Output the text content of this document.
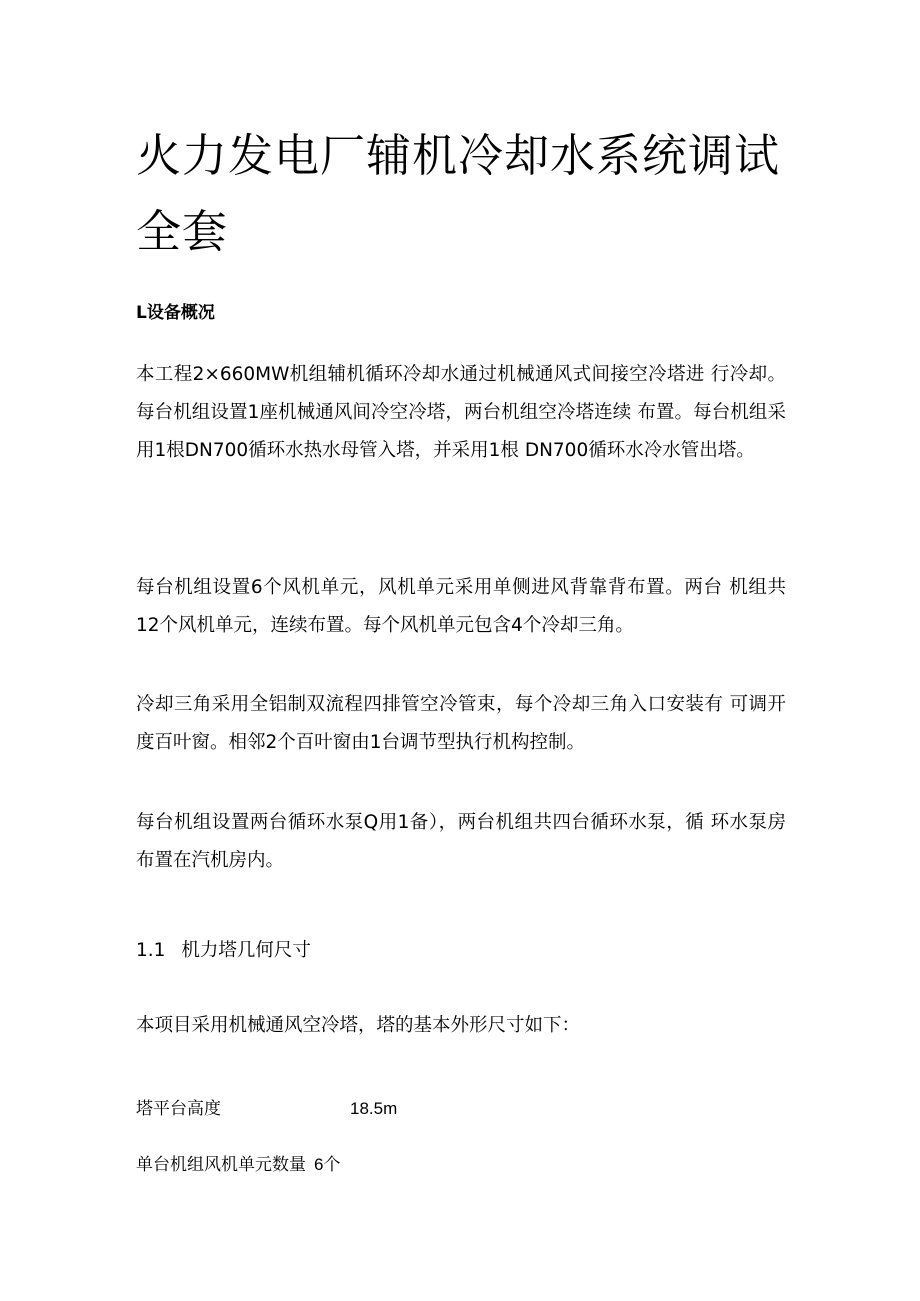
火力发电厂辅机冷却水系统调试全套

L设备概况

本工程2×660MW机组辅机循环冷却水通过机械通风式间接空冷塔进 行冷却。每台机组设置1座机械通风间冷空冷塔，两台机组空冷塔连续 布置。每台机组采用1根DN700循环水热水母管入塔，并采用1根 DN700循环水冷水管出塔。

每台机组设置6个风机单元，风机单元采用单侧进风背靠背布置。两台 机组共12个风机单元，连续布置。每个风机单元包含4个冷却三角。

冷却三角采用全铝制双流程四排管空冷管束，每个冷却三角入口安装有 可调开度百叶窗。相邻2个百叶窗由1台调节型执行机构控制。

每台机组设置两台循环水泵Q用1备），两台机组共四台循环水泵，循 环水泵房布置在汽机房内。

1.1 机力塔几何尺寸

本项目采用机械通风空冷塔，塔的基本外形尺寸如下：

塔平台高度	18.5m

单台机组风机单元数量 6个
